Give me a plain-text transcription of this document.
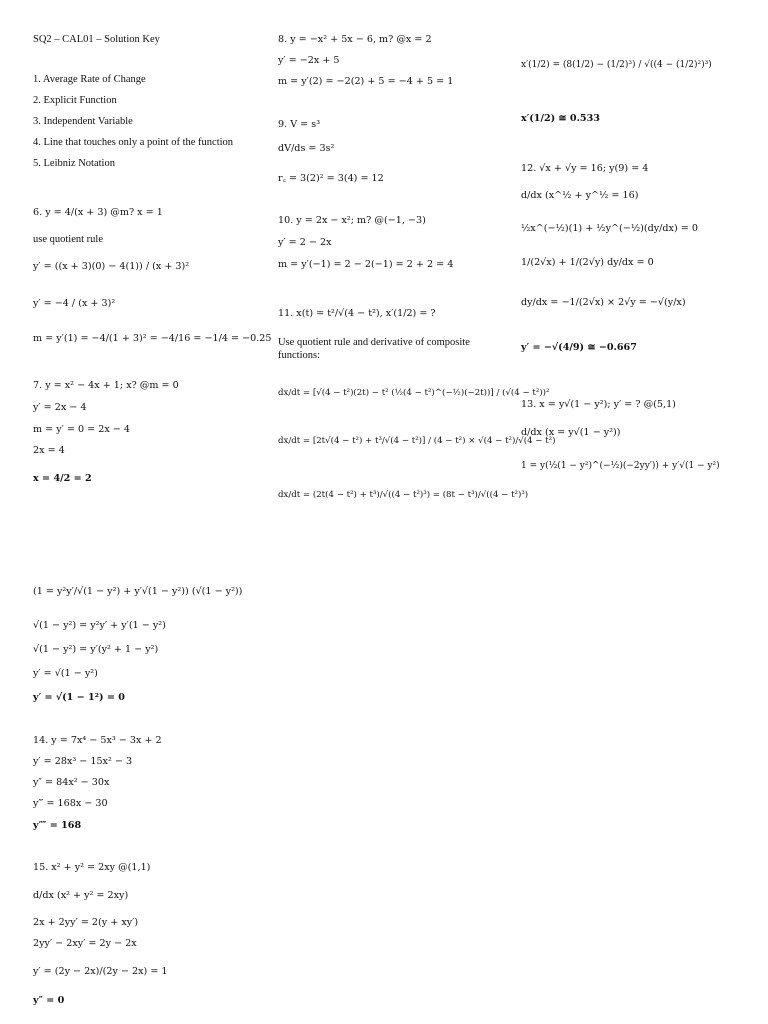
SQ2 – CAL01 – Solution Key
1. Average Rate of Change
2. Explicit Function
3. Independent Variable
4. Line that touches only a point of the function
5. Leibniz Notation
6. y = 4/(x + 3) @m? x = 1
use quotient rule
y′ = ((x + 3)(0) − 4(1)) / (x + 3)²
y′ = −4 / (x + 3)²
m = y′(1) = −4/(1 + 3)² = −4/16 = −1/4 = −0.25
7. y = x² − 4x + 1; x? @m = 0
y′ = 2x − 4
m = y′ = 0 = 2x − 4
2x = 4
x = 4/2 = 2
8. y = −x² + 5x − 6, m? @x = 2
y′ = −2x + 5
m = y′(2) = −2(2) + 5 = −4 + 5 = 1
9. V = s³
dV/ds = 3s²
r꜀ = 3(2)² = 3(4) = 12
10. y = 2x − x²; m? @(−1, −3)
y′ = 2 − 2x
m = y′(−1) = 2 − 2(−1) = 2 + 2 = 4
11. x(t) = t²/√(4 − t²), x′(1/2) = ?
Use quotient rule and derivative of composite functions:
dx/dt = [√(4 − t²)(2t) − t² (½(4 − t²)^(−½)(−2t))] / (√(4 − t²))²
dx/dt = [2t√(4 − t²) + t³/√(4 − t²)] / (4 − t²) × √(4 − t²)/√(4 − t²)
dx/dt = (2t(4 − t²) + t³)/√((4 − t²)³) = (8t − t³)/√((4 − t²)³)
x′(1/2) = (8(1/2) − (1/2)³) / √((4 − (1/2)²)³)
x′(1/2) ≅ 0.533
12. √x + √y = 16; y(9) = 4
d/dx (x^½ + y^½ = 16)
½x^(−½)(1) + ½y^(−½)(dy/dx) = 0
1/(2√x) + 1/(2√y) dy/dx = 0
dy/dx = −1/(2√x) × 2√y = −√(y/x)
y′ = −√(4/9) ≅ −0.667
13. x = y√(1 − y²); y′ = ? @(5,1)
d/dx (x = y√(1 − y²))
1 = y(½(1 − y²)^(−½)(−2yy′)) + y′√(1 − y²)
(1 = y²y′/√(1 − y²) + y′√(1 − y²)) (√(1 − y²))
√(1 − y²) = y²y′ + y′(1 − y²)
√(1 − y²) = y′(y² + 1 − y²)
y′ = √(1 − y²)
y′ = √(1 − 1²) = 0
14. y = 7x⁴ − 5x³ − 3x + 2
y′ = 28x³ − 15x² − 3
y″ = 84x² − 30x
y‴ = 168x − 30
y⁗ = 168
15. x² + y² = 2xy @(1,1)
d/dx (x² + y² = 2xy)
2x + 2yy′ = 2(y + xy′)
2yy′ − 2xy′ = 2y − 2x
y′ = (2y − 2x)/(2y − 2x) = 1
y″ = 0
